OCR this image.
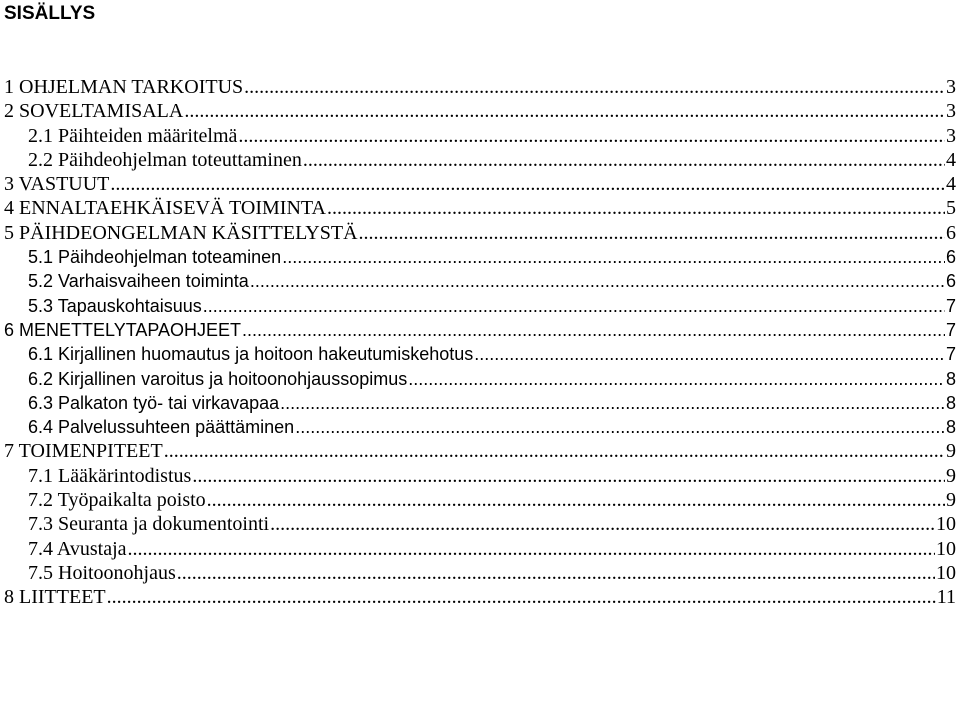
SISÄLLYS
1 OHJELMAN TARKOITUS .....	3
2 SOVELTAMISALA .....	3
2.1 Päihteiden määritelmä .....	3
2.2 Päihdeohjelman toteuttaminen .....	4
3 VASTUUT .....	4
4 ENNALTAEHKÄISEVÄ TOIMINTA .....	5
5 PÄIHDEONGELMAN KÄSITTELYSTÄ .....	6
5.1 Päihdeohjelman toteaminen .....	6
5.2 Varhaisvaiheen toiminta .....	6
5.3 Tapauskohtaisuus .....	7
6 MENETTELYTAPAOHJEET .....	7
6.1 Kirjallinen huomautus ja hoitoon hakeutumiskehotus .....	7
6.2 Kirjallinen varoitus ja hoitoonohjaussopimus .....	8
6.3 Palkaton työ- tai virkavapaa .....	8
6.4 Palvelussuhteen päättäminen .....	8
7 TOIMENPITEET .....	9
7.1 Lääkärintodistus .....	9
7.2 Työpaikalta poisto .....	9
7.3 Seuranta ja dokumentointi .....	10
7.4 Avustaja .....	10
7.5 Hoitoonohjaus .....	10
8 LIITTEET .....	11
